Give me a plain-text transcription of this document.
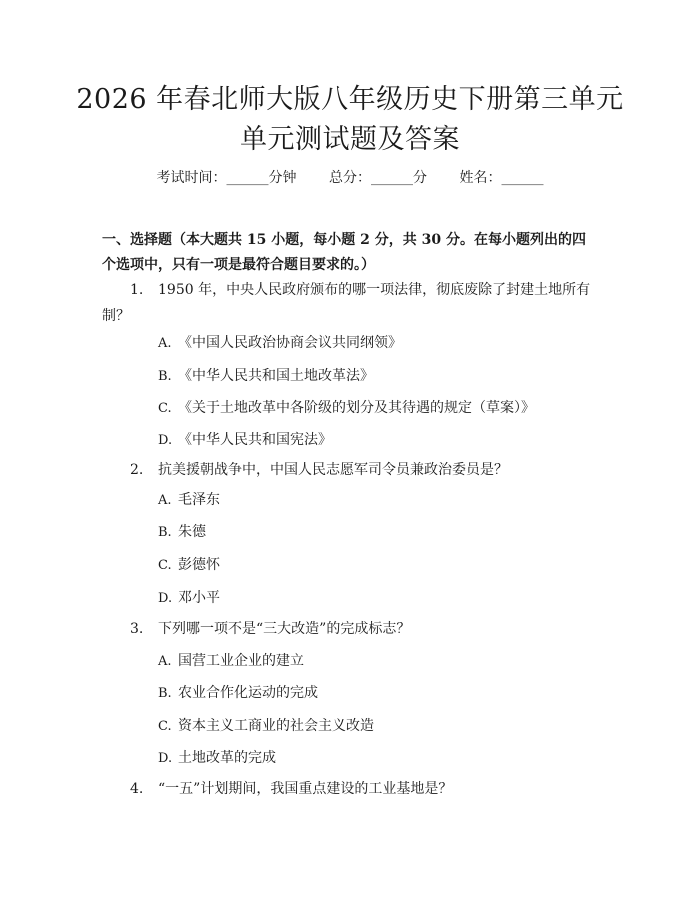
2026 年春北师大版八年级历史下册第三单元
单元测试题及答案
考试时间：______分钟 总分：______分 姓名：______
一、选择题（本大题共 15 小题，每小题 2 分，共 30 分。在每小题列出的四个选项中，只有一项是最符合题目要求的。）
1. 1950 年，中央人民政府颁布的哪一项法律，彻底废除了封建土地所有制？
A. 《中国人民政治协商会议共同纲领》
B. 《中华人民共和国土地改革法》
C. 《关于土地改革中各阶级的划分及其待遇的规定（草案）》
D. 《中华人民共和国宪法》
2. 抗美援朝战争中，中国人民志愿军司令员兼政治委员是？
A. 毛泽东
B. 朱德
C. 彭德怀
D. 邓小平
3. 下列哪一项不是“三大改造”的完成标志？
A. 国营工业企业的建立
B. 农业合作化运动的完成
C. 资本主义工商业的社会主义改造
D. 土地改革的完成
4. “一五”计划期间，我国重点建设的工业基地是？
